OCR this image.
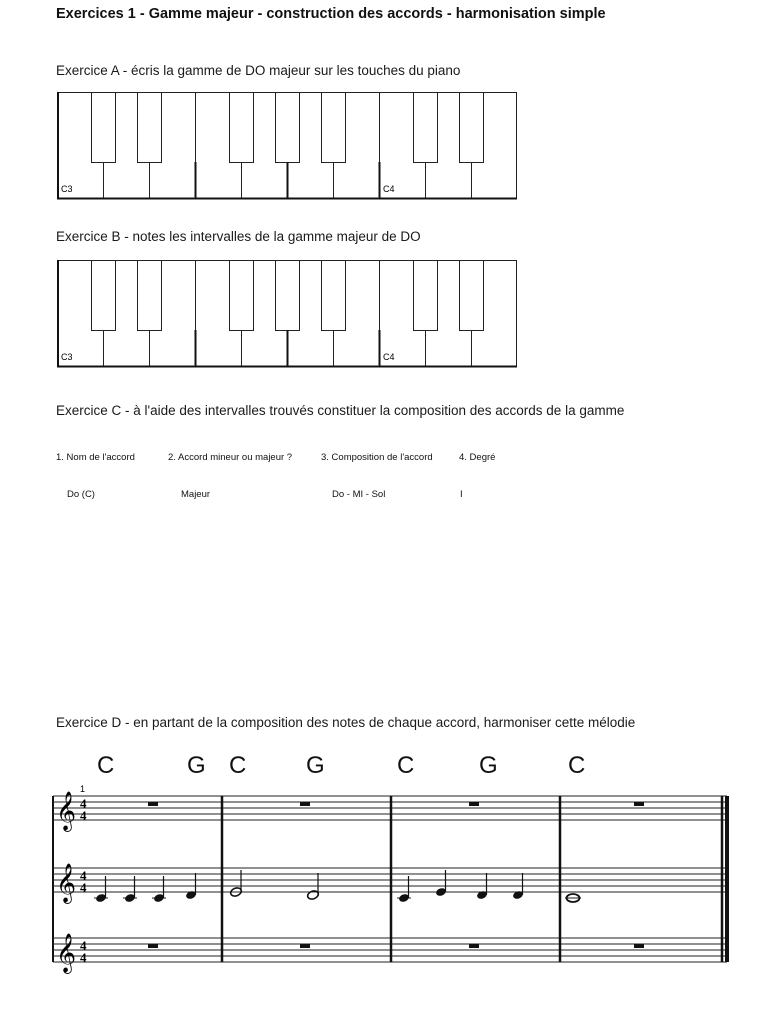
Exercices 1 - Gamme majeur - construction des accords - harmonisation simple
Exercice A - écris la gamme de DO majeur sur les touches du piano
C3	C4
Exercice B - notes les intervalles de la gamme majeur de DO
C3	C4
Exercice C - à l'aide des intervalles trouvés constituer la composition des accords de la gamme
1. Nom de l'accord	2. Accord mineur ou majeur ?	3. Composition de l'accord	4. Degré
Do (C)	Majeur	Do - MI - Sol	I
Exercice D - en partant de la composition des notes de chaque accord, harmoniser cette mélodie
C	G C G	C	G	C
1
𝄞
𝄞
𝄞
4
4
4
4
4
4
